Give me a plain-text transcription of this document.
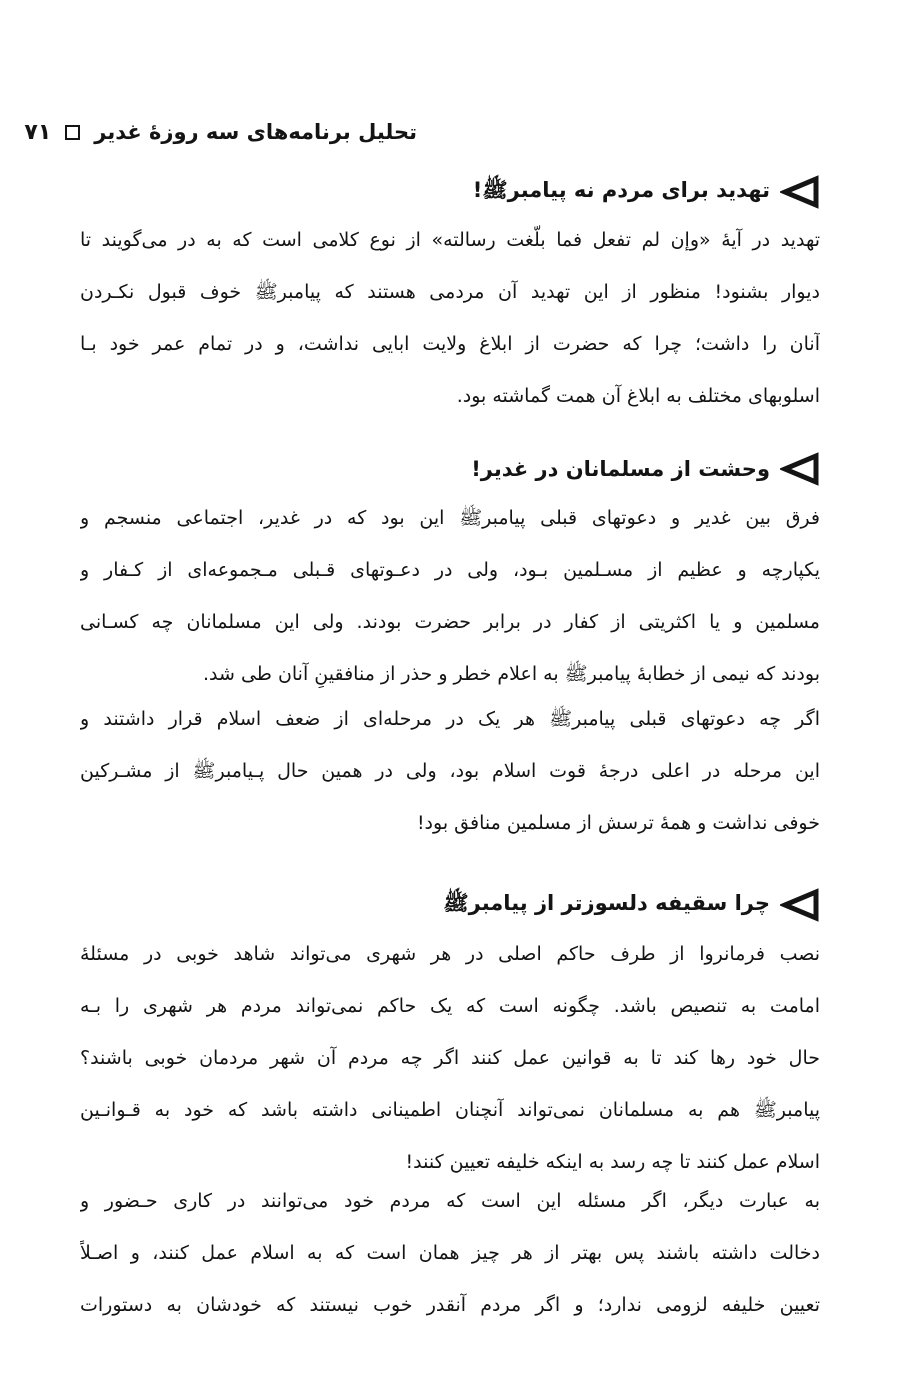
تحلیل برنامه‌های سه روزهٔ غدیر
۷۱
تهدید برای مردم نه پیامبرﷺ!
تهدید در آیهٔ «وإن لم تفعل فما بلّغت رسالته» از نوع کلامی است که به در می‌گویند تا
دیوار بشنود! منظور از این تهدید آن مردمی هستند که پیامبرﷺ خوف قبول نکـردن
آنان را داشت؛ چرا که حضرت از ابلاغ ولایت ابایی نداشت، و در تمام عمر خود بـا
اسلوبهای مختلف به ابلاغ آن همت گماشته بود.
وحشت از مسلمانان در غدیر!
فرق بین غدیر و دعوتهای قبلی پیامبرﷺ این بود که در غدیر، اجتماعی منسجم و
یکپارچه و عظیم از مسـلمین بـود، ولی در دعـوتهای قـبلی مـجموعه‌ای از کـفار و
مسلمین و یا اکثریتی از کفار در برابر حضرت بودند. ولی این مسلمانان چه کسـانی
بودند که نیمی از خطابهٔ پیامبرﷺ به اعلام خطر و حذر از منافقینِ آنان طی شد.
اگر چه دعوتهای قبلی پیامبرﷺ هر یک در مرحله‌ای از ضعف اسلام قرار داشتند و
این مرحله در اعلی درجهٔ قوت اسلام بود، ولی در همین حال پـیامبرﷺ از مشـرکین
خوفی نداشت و همهٔ ترسش از مسلمین منافق بود!
چرا سقیفه دلسوزتر از پیامبرﷺ
نصب فرمانروا از طرف حاکم اصلی در هر شهری می‌تواند شاهد خوبی در مسئلهٔ
امامت به تنصیص باشد. چگونه است که یک حاکم نمی‌تواند مردم هر شهری را بـه
حال خود رها کند تا به قوانین عمل کنند اگر چه مردم آن شهر مردمان خوبی باشند؟
پیامبرﷺ هم به مسلمانان نمی‌تواند آنچنان اطمینانی داشته باشد که خود به قـوانـین
اسلام عمل کنند تا چه رسد به اینکه خلیفه تعیین کنند!
به عبارت دیگر، اگر مسئله این است که مردم خود می‌توانند در کاری حـضور و
دخالت داشته باشند پس بهتر از هر چیز همان است که به اسلام عمل کنند، و اصـلاً
تعیین خلیفه لزومی ندارد؛ و اگر مردم آنقدر خوب نیستند که خودشان به دستورات
